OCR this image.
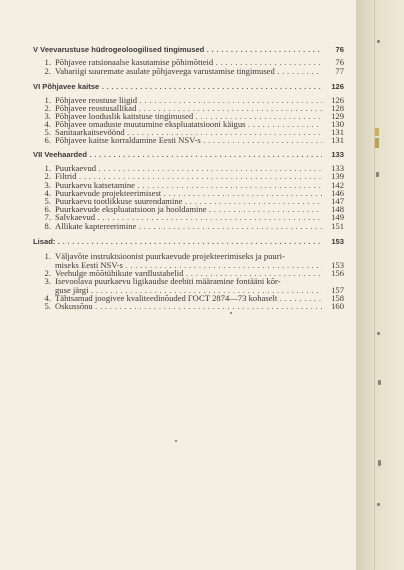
V Veevarustuse hüdrogeoloogilised tingimused . . .	76
1. Põhjavee ratsionaalse kasutamise põhimõtteid . . .	76
2. Vabariigi suuremate asulate põhjaveega varustamise tingimused . . .	77
VI Põhjavee kaitse . . .	126
1. Põhjavee reostuse liigid . . .	126
2. Põhjavee reostusallikad . . .	128
3. Põhjavee looduslik kaitstuse tingimused . . .	129
4. Põhjavee omaduste muutumine ekspluatatsiooni käigus . . .	130
5. Sanitaarkaitsevöönd . . .	131
6. Põhjavee kaitse korraldamine Eesti NSV-s . . .	131
VII Veehaarded . . .	133
1. Puurkaevud . . .	133
2. Filtrid . . .	139
3. Puurkaevu katsetamine . . .	142
4. Puurkaevude projekteerimisest . . .	146
5. Puurkaevu tootlikkuse suurendamine . . .	147
6. Puurkaevude ekspluatatsioon ja hooldamine . . .	148
7. Salvkaevud . . .	149
8. Allikate kaptereerimine . . .	151
Lisad: . . .	153
1. Väljavõte instruktsioonist puurkaevude projekteerimiseks ja puuri-
miseks Eesti NSV-s . . .	153
2. Veehulge mõõtühikute vardlustabelid . . .	156
3. Isevoolava puurkaevu ligikaudse deebiti määramine fontääni kõr-
guse järgi . . .	157
4. Tähtsamad joogivee kvaliteedinõuded ГОСТ 2874—73 kohaselt . . .	158
5. Oskussõnu . . .	160
